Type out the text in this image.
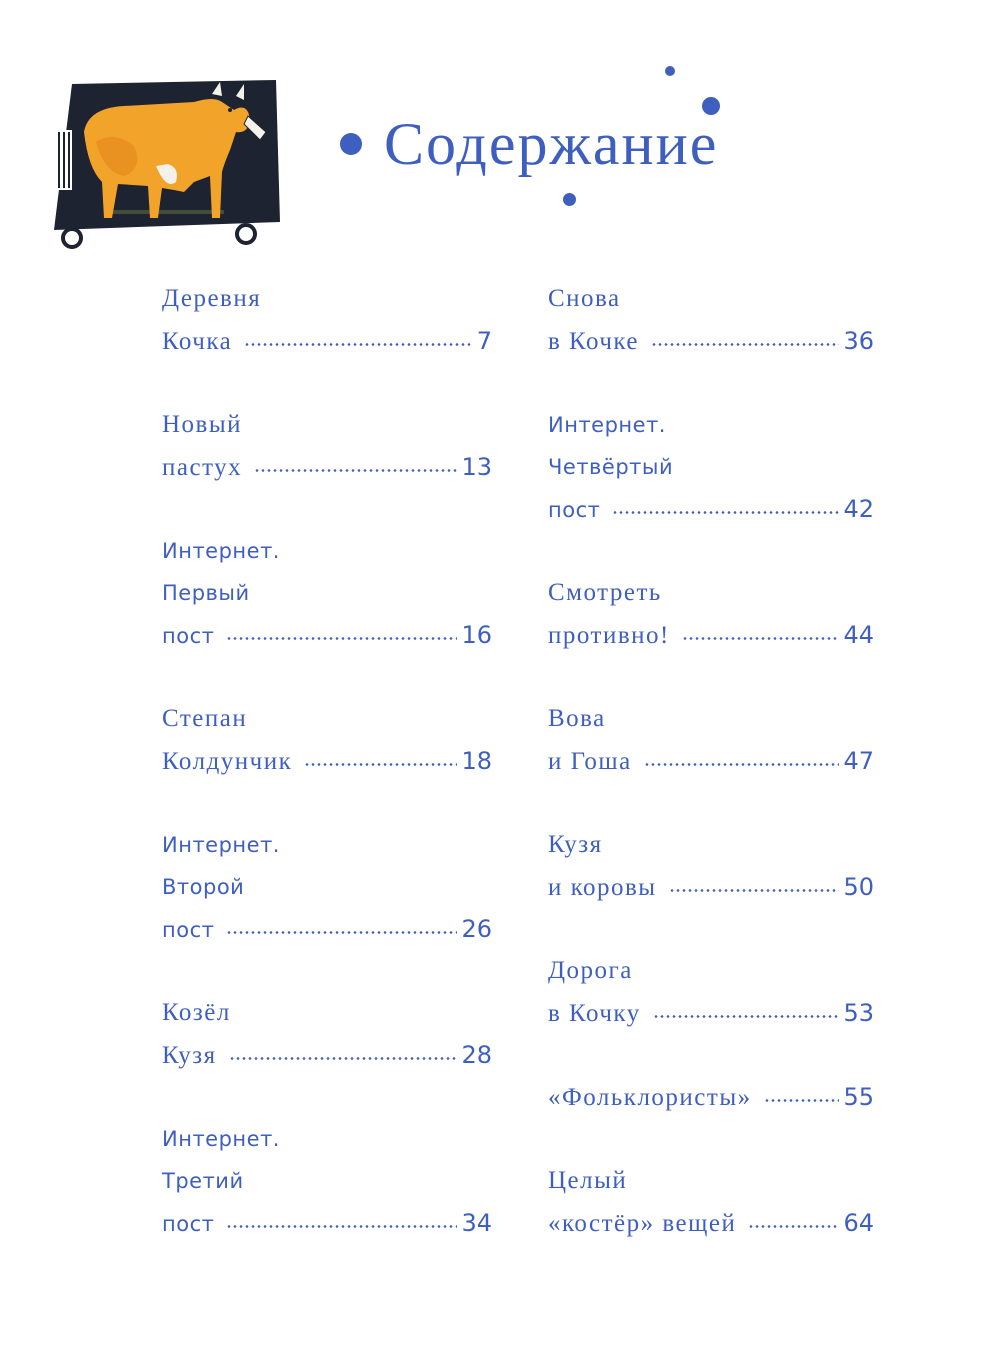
Содержание
Деревня
Кочка	7
Новый
пастух	13
Интернет.
Первый
пост	16
Степан
Колдунчик	18
Интернет.
Второй
пост	26
Козёл
Кузя	28
Интернет.
Третий
пост	34
Снова
в Кочке	36
Интернет.
Четвёртый
пост	42
Смотреть
противно!	44
Вова
и Гоша	47
Кузя
и коровы	50
Дорога
в Кочку	53
«Фольклористы»	55
Целый
«костёр» вещей	64
